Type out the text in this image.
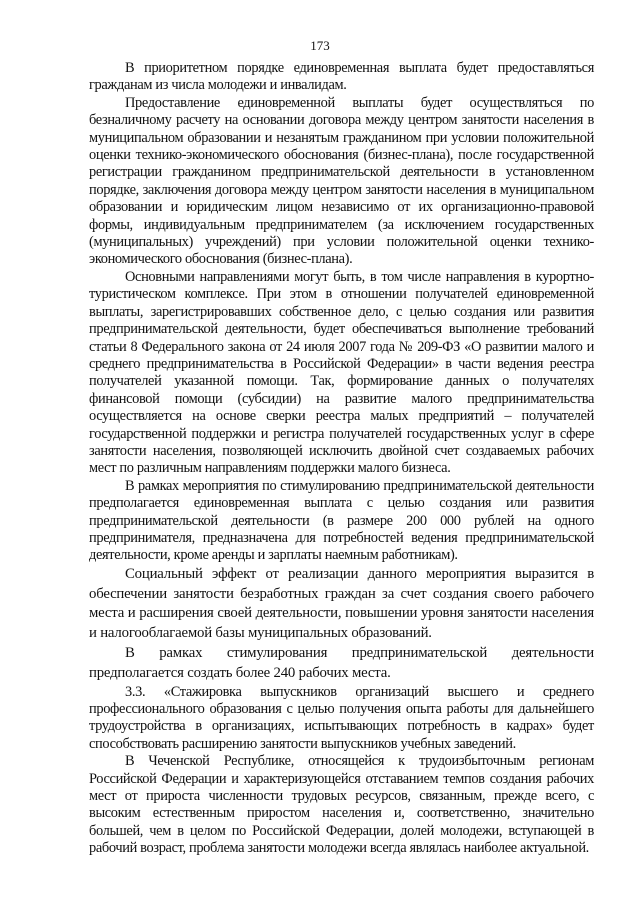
173

В приоритетном порядке единовременная выплата будет предоставляться гражданам из числа молодежи и инвалидам.

Предоставление единовременной выплаты будет осуществляться по безналичному расчету на основании договора между центром занятости населения в муниципальном образовании и незанятым гражданином при условии положительной оценки технико-экономического обоснования (бизнес-плана), после государственной регистрации гражданином предпринимательской деятельности в установленном порядке, заключения договора между центром занятости населения в муниципальном образовании и юридическим лицом независимо от их организационно-правовой формы, индивидуальным предпринимателем (за исключением государственных (муниципальных) учреждений) при условии положительной оценки технико-экономического обоснования (бизнес-плана).

Основными направлениями могут быть, в том числе направления в курортно-туристическом комплексе. При этом в отношении получателей единовременной выплаты, зарегистрировавших собственное дело, с целью создания или развития предпринимательской деятельности, будет обеспечиваться выполнение требований статьи 8 Федерального закона от 24 июля 2007 года № 209-ФЗ «О развитии малого и среднего предпринимательства в Российской Федерации» в части ведения реестра получателей указанной помощи. Так, формирование данных о получателях финансовой помощи (субсидии) на развитие малого предпринимательства осуществляется на основе сверки реестра малых предприятий – получателей государственной поддержки и регистра получателей государственных услуг в сфере занятости населения, позволяющей исключить двойной счет создаваемых рабочих мест по различным направлениям поддержки малого бизнеса.

В рамках мероприятия по стимулированию предпринимательской деятельности предполагается единовременная выплата с целью создания или развития предпринимательской деятельности (в размере 200 000 рублей на одного предпринимателя, предназначена для потребностей ведения предпринимательской деятельности, кроме аренды и зарплаты наемным работникам).

Социальный эффект от реализации данного мероприятия выразится в обеспечении занятости безработных граждан за счет создания своего рабочего места и расширения своей деятельности, повышении уровня занятости населения и налогооблагаемой базы муниципальных образований.

В рамках стимулирования предпринимательской деятельности предполагается создать более 240 рабочих места.

3.3. «Стажировка выпускников организаций высшего и среднего профессионального образования с целью получения опыта работы для дальнейшего трудоустройства в организациях, испытывающих потребность в кадрах» будет способствовать расширению занятости выпускников учебных заведений.

В Чеченской Республике, относящейся к трудоизбыточным регионам Российской Федерации и характеризующейся отставанием темпов создания рабочих мест от прироста численности трудовых ресурсов, связанным, прежде всего, с высоким естественным приростом населения и, соответственно, значительно большей, чем в целом по Российской Федерации, долей молодежи, вступающей в рабочий возраст, проблема занятости молодежи всегда являлась наиболее актуальной.
